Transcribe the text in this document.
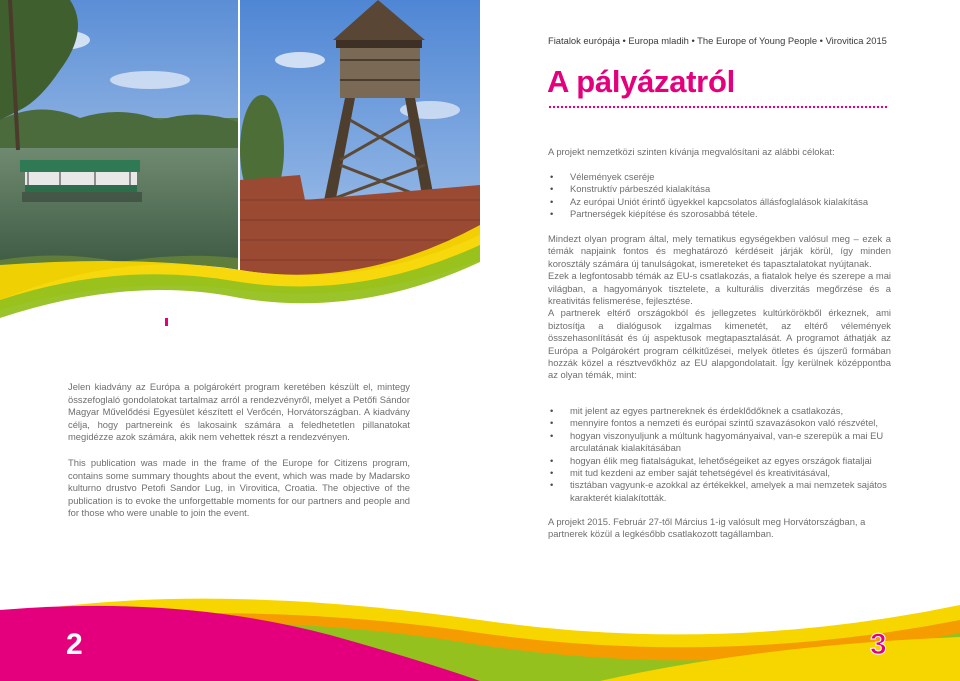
Jelen kiadvány az Európa a polgárokért program keretében készült el, mintegy összefoglaló gondolatokat tartalmaz arról a rendezvényről, melyet a Petőfi Sándor Magyar Művelődési Egyesület készített el Verőcén, Horvátországban. A kiadvány célja, hogy partnereink és lakosaink számára a feledhetetlen pillanatokat megidézze azok számára, akik nem vehettek részt a rendezvényen.

This publication was made in the frame of the Europe for Citizens program, contains some summary thoughts about the event, which was made by Madarsko kulturno drustvo Petofi Sandor Lug, in Virovitica, Croatia. The objective of the publication is to evoke the unforgettable moments for our partners and people and for those who were unable to join the event.

Fiatalok európája • Europa mladih • The Europe of Young People • Virovitica 2015
A pályázatról
A projekt nemzetközi szinten kívánja megvalósítani az alábbi célokat:
• Vélemények cseréje
• Konstruktív párbeszéd kialakítása
• Az európai Uniót érintő ügyekkel kapcsolatos állásfoglalások kialakítása
• Partnerségek kiépítése és szorosabbá tétele.

Mindezt olyan program által, mely tematikus egységekben valósul meg – ezek a témák napjaink fontos és meghatározó kérdéseit járják körül, így minden korosztály számára új tanulságokat, ismereteket és tapasztalatokat nyújtanak.

Ezek a legfontosabb témák az EU-s csatlakozás, a fiatalok helye és szerepe a mai világban, a hagyományok tisztelete, a kulturális diverzitás megőrzése és a kreativitás felismerése, fejlesztése.

A partnerek eltérő országokból és jellegzetes kultúrkörökből érkeznek, ami biztosítja a dialógusok izgalmas kimenetét, az eltérő vélemények összehasonlítását és új aspektusok megtapasztalását. A programot áthatják az Európa a Polgárokért program célkitűzései, melyek ötletes és újszerű formában hozzák közel a résztvevőkhöz az EU alapgondolatait. Így kerülnek középpontba az olyan témák, mint:

• mit jelent az egyes partnereknek és érdeklődőknek a csatlakozás,
• mennyire fontos a nemzeti és európai szintű szavazásokon való részvétel,
• hogyan viszonyuljunk a múltunk hagyományaival, van-e szerepük a mai EU arculatának kialakításában
• hogyan élik meg fiatalságukat, lehetőségeiket az egyes országok fiataljai
• mit tud kezdeni az ember saját tehetségével és kreativitásával,
• tisztában vagyunk-e azokkal az értékekkel, amelyek a mai nemzetek sajátos karakterét kialakították.

A projekt 2015. Február 27-től Március 1-ig valósult meg Horvátországban, a partnerek közül a legkésőbb csatlakozott tagállamban.

2	3
